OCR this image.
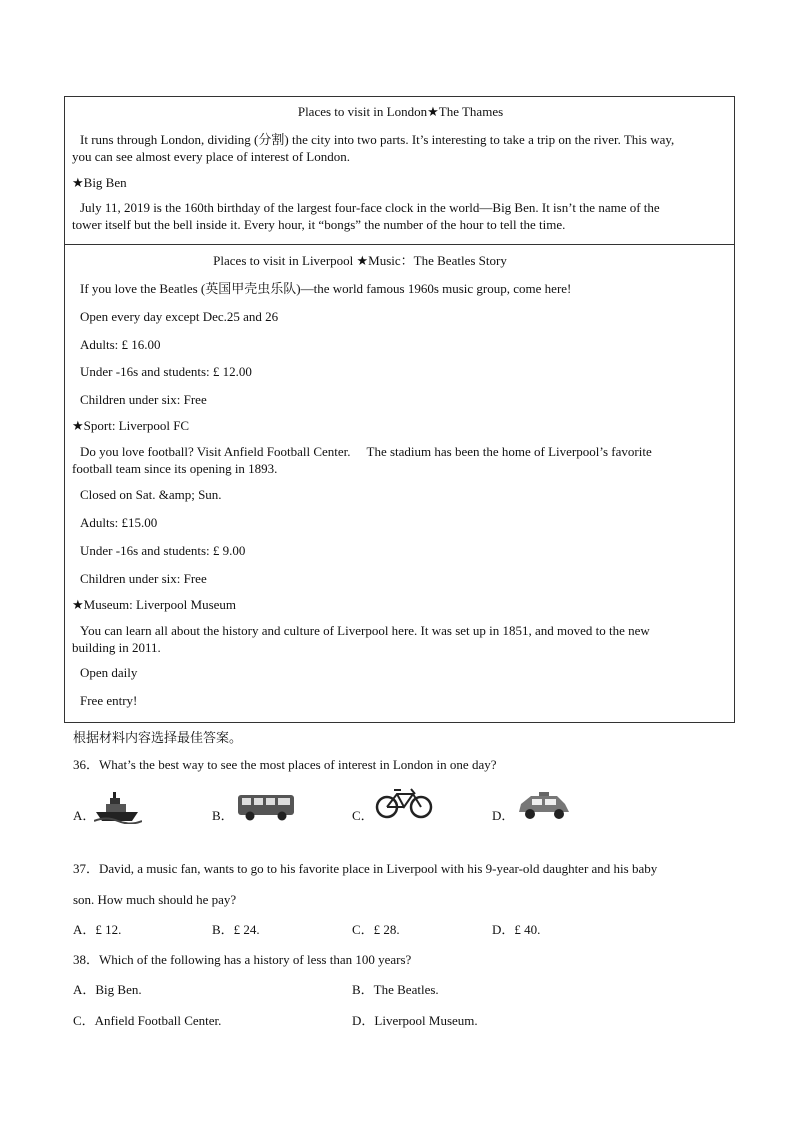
Places to visit in London★The Thames
It runs through London, dividing (分割) the city into two parts. It’s interesting to take a trip on the river. This way,
you can see almost every place of interest of London.
★Big Ben
July 11, 2019 is the 160th birthday of the largest four-face clock in the world—Big Ben. It isn’t the name of the
tower itself but the bell inside it. Every hour, it “bongs” the number of the hour to tell the time.
Places to visit in Liverpool ★Music：The Beatles Story
If you love the Beatles (英国甲壳虫乐队)—the world famous 1960s music group, come here!
Open every day except Dec.25 and 26
Adults: £ 16.00
Under -16s and students: £ 12.00
Children under six: Free
★Sport: Liverpool FC
Do you love football? Visit Anfield Football Center.     The stadium has been the home of Liverpool’s favorite
football team since its opening in 1893.
Closed on Sat. &amp; Sun.
Adults: £15.00
Under -16s and students: £ 9.00
Children under six: Free
★Museum: Liverpool Museum
You can learn all about the history and culture of Liverpool here. It was set up in 1851, and moved to the new
building in 2011.
Open daily
Free entry!
根据材料内容选择最佳答案。
36．What’s the best way to see the most places of interest in London in one day?
A．	B．	C．	D．
37．David, a music fan, wants to go to his favorite place in Liverpool with his 9-year-old daughter and his baby
son. How much should he pay?
A．£ 12.	B．£ 24.	C．£ 28.	D．£ 40.
38．Which of the following has a history of less than 100 years?
A．Big Ben.	B．The Beatles.
C．Anfield Football Center.	D．Liverpool Museum.
